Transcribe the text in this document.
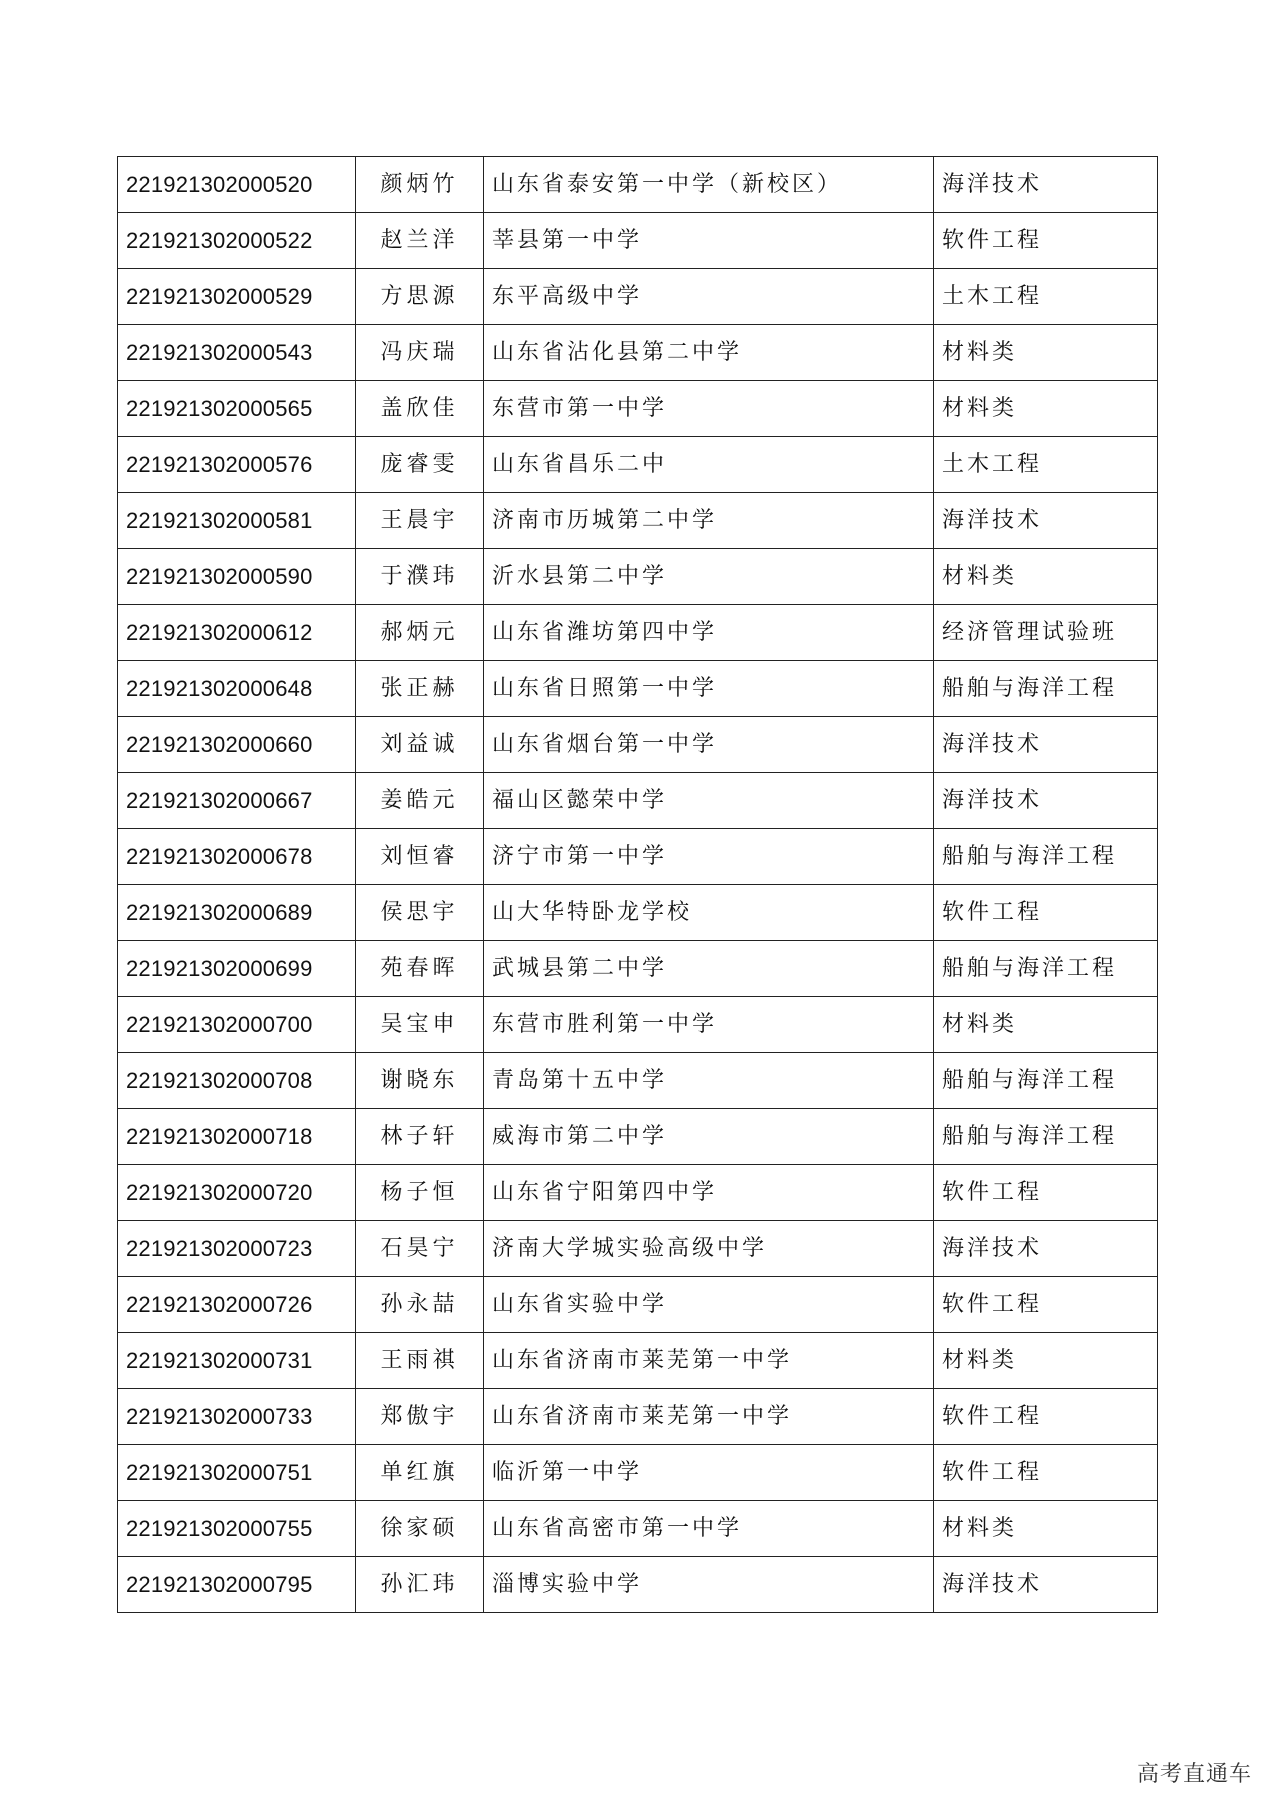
221921302000520	颜炳竹	山东省泰安第一中学（新校区）	海洋技术
221921302000522	赵兰洋	莘县第一中学	软件工程
221921302000529	方思源	东平高级中学	土木工程
221921302000543	冯庆瑞	山东省沾化县第二中学	材料类
221921302000565	盖欣佳	东营市第一中学	材料类
221921302000576	庞睿雯	山东省昌乐二中	土木工程
221921302000581	王晨宇	济南市历城第二中学	海洋技术
221921302000590	于濮玮	沂水县第二中学	材料类
221921302000612	郝炳元	山东省潍坊第四中学	经济管理试验班
221921302000648	张正赫	山东省日照第一中学	船舶与海洋工程
221921302000660	刘益诚	山东省烟台第一中学	海洋技术
221921302000667	姜皓元	福山区懿荣中学	海洋技术
221921302000678	刘恒睿	济宁市第一中学	船舶与海洋工程
221921302000689	侯思宇	山大华特卧龙学校	软件工程
221921302000699	苑春晖	武城县第二中学	船舶与海洋工程
221921302000700	吴宝申	东营市胜利第一中学	材料类
221921302000708	谢晓东	青岛第十五中学	船舶与海洋工程
221921302000718	林子轩	威海市第二中学	船舶与海洋工程
221921302000720	杨子恒	山东省宁阳第四中学	软件工程
221921302000723	石昊宁	济南大学城实验高级中学	海洋技术
221921302000726	孙永喆	山东省实验中学	软件工程
221921302000731	王雨祺	山东省济南市莱芜第一中学	材料类
221921302000733	郑傲宇	山东省济南市莱芜第一中学	软件工程
221921302000751	单红旗	临沂第一中学	软件工程
221921302000755	徐家硕	山东省高密市第一中学	材料类
221921302000795	孙汇玮	淄博实验中学	海洋技术
高考直通车
